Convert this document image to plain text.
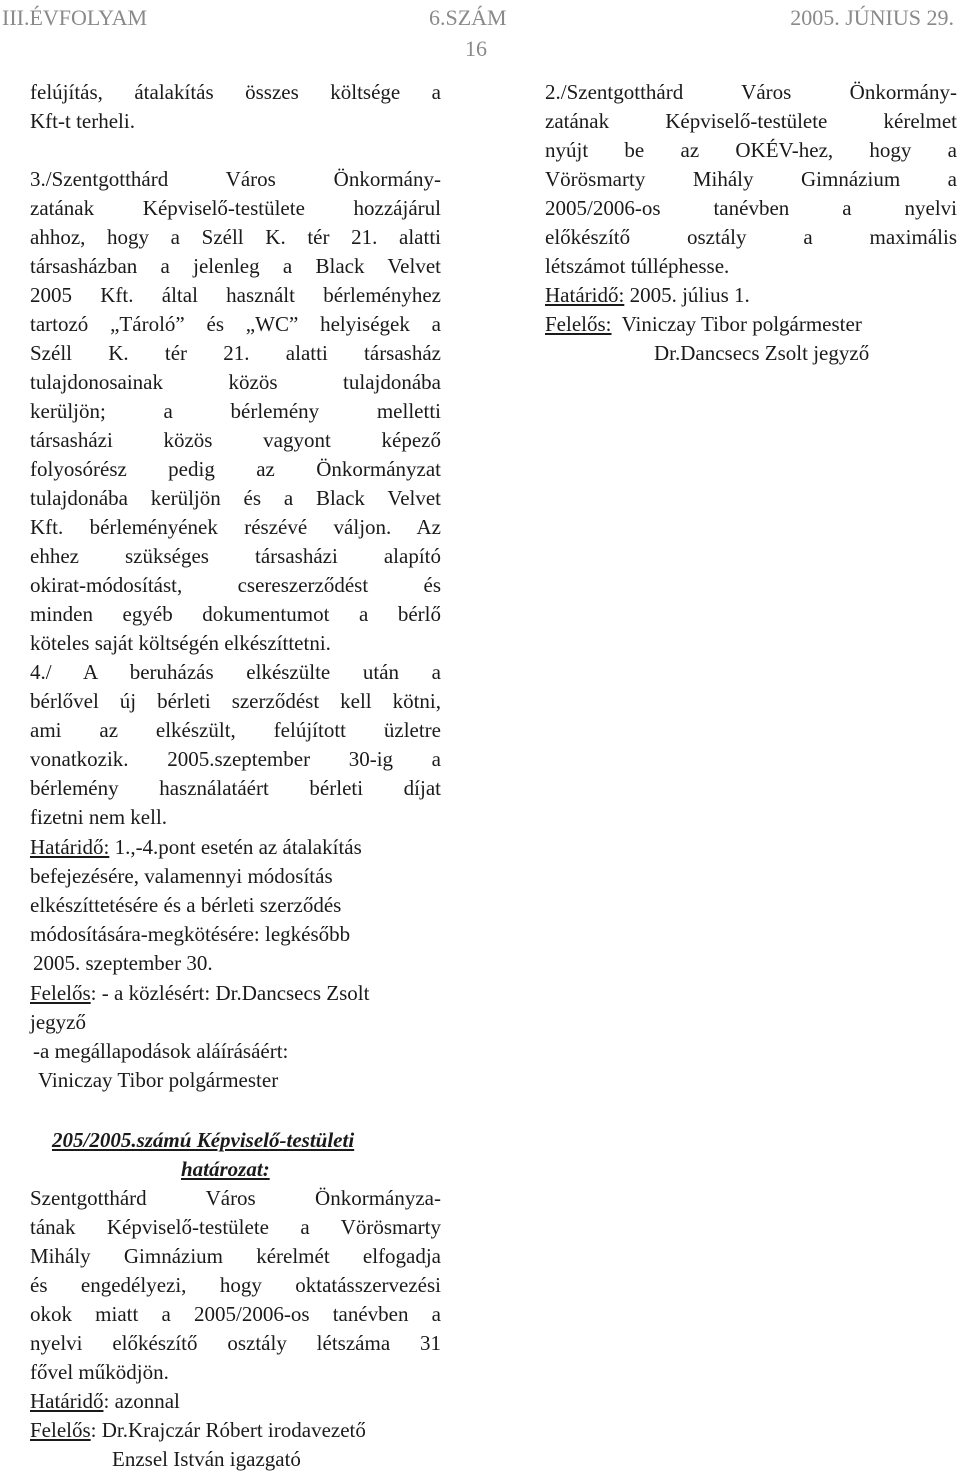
III.ÉVFOLYAM	6.SZÁM	2005. JÚNIUS 29.
16
felújítás, átalakítás összes költsége a
Kft-t terheli.
3./Szentgotthárd Város Önkormány-
zatának Képviselő-testülete hozzájárul
ahhoz, hogy a Széll K. tér 21. alatti
társasházban a jelenleg a Black Velvet
2005 Kft. által használt bérleményhez
tartozó „Tároló” és „WC” helyiségek a
Széll K. tér 21. alatti társasház
tulajdonosainak közös tulajdonába
kerüljön; a bérlemény melletti
társasházi közös vagyont képező
folyosórész pedig az Önkormányzat
tulajdonába kerüljön és a Black Velvet
Kft. bérleményének részévé váljon. Az
ehhez szükséges társasházi alapító
okirat-módosítást, csereszerződést és
minden egyéb dokumentumot a bérlő
köteles saját költségén elkészíttetni.
4./ A beruházás elkészülte után a
bérlővel új bérleti szerződést kell kötni,
ami az elkészült, felújított üzletre
vonatkozik. 2005.szeptember 30-ig a
bérlemény használatáért bérleti díjat
fizetni nem kell.
Határidő: 1.,-4.pont esetén az átalakítás
befejezésére, valamennyi módosítás
elkészíttetésére és a bérleti szerződés
módosítására-megkötésére: legkésőbb
2005. szeptember 30.
Felelős: - a közlésért: Dr.Dancsecs Zsolt
jegyző
-a megállapodások aláírásáért:
Viniczay Tibor polgármester
205/2005.számú Képviselő-testületi
határozat:
Szentgotthárd Város Önkormányza-
tának Képviselő-testülete a Vörösmarty
Mihály Gimnázium kérelmét elfogadja
és engedélyezi, hogy oktatásszervezési
okok miatt a 2005/2006-os tanévben a
nyelvi előkészítő osztály létszáma 31
fővel működjön.
Határidő: azonnal
Felelős: Dr.Krajczár Róbert irodavezető
Enzsel István igazgató
2./Szentgotthárd Város Önkormány-
zatának Képviselő-testülete kérelmet
nyújt be az OKÉV-hez, hogy a
Vörösmarty Mihály Gimnázium a
2005/2006-os tanévben a nyelvi
előkészítő osztály a maximális
létszámot túlléphesse.
Határidő: 2005. július 1.
Felelős:  Viniczay Tibor polgármester
Dr.Dancsecs Zsolt jegyző
